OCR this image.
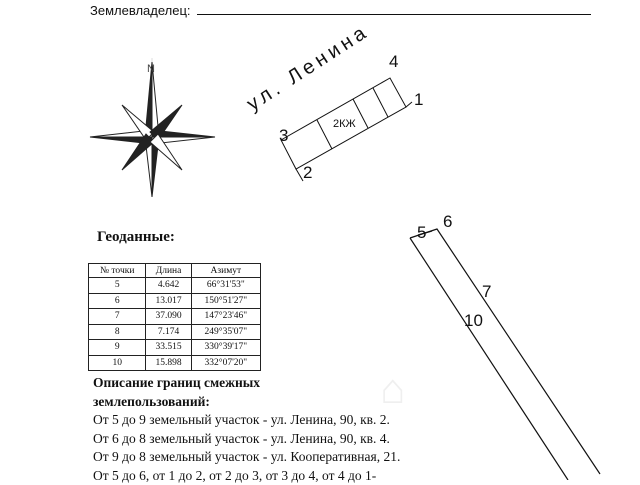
Землевладелец:
N	ул. Ленина
2КЖ
1
2
3
4
5
6
7
10
⌂
Геоданные:
№ точки	Длина	Азимут
5	4.642	66°31'53"
6	13.017	150°51'27"
7	37.090	147°23'46"
8	7.174	249°35'07"
9	33.515	330°39'17"
10	15.898	332°07'20"
Описание границ смежных
землепользований:
От 5 до 9 земельный участок - ул. Ленина, 90, кв. 2.
От 6 до 8 земельный участок - ул. Ленина, 90, кв. 4.
От 9 до 8 земельный участок - ул. Кооперативная, 21.
От 5 до 6, от 1 до 2, от 2 до 3, от 3 до 4, от 4 до 1-
